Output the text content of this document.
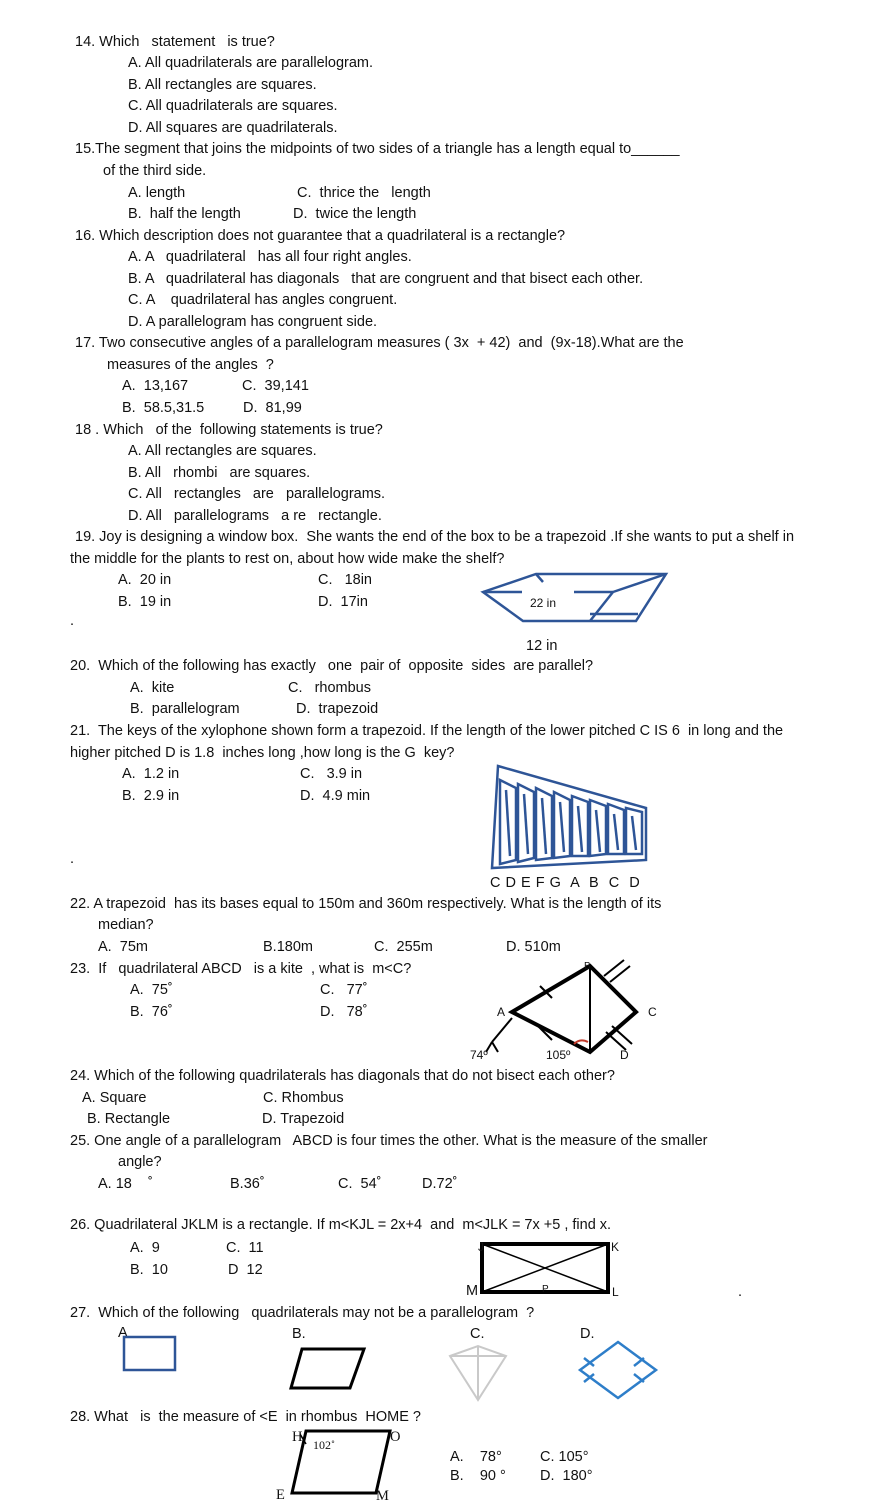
14. Which   statement   is true?
A. All quadrilaterals are parallelogram.
B. All rectangles are squares.
C. All quadrilaterals are squares.
D. All squares are quadrilaterals.
15.The segment that joins the midpoints of two sides of a triangle has a length equal to______
of the third side.
A. length
B.  half the length
C.  thrice the   length
D.  twice the length
16. Which description does not guarantee that a quadrilateral is a rectangle?
A. A   quadrilateral   has all four right angles.
B. A   quadrilateral has diagonals   that are congruent and that bisect each other.
C. A    quadrilateral has angles congruent.
D. A parallelogram has congruent side.
17. Two consecutive angles of a parallelogram measures ( 3x  + 42)  and  (9x-18).What are the
measures of the angles  ?
A.  13,167
B.  58.5,31.5
C.  39,141
D.  81,99
18 . Which   of the  following statements is true?
A. All rectangles are squares.
B. All   rhombi   are squares.
C. All   rectangles   are   parallelograms.
D. All   parallelograms   a re   rectangle.
19. Joy is designing a window box.  She wants the end of the box to be a trapezoid .If she wants to put a shelf in
the middle for the plants to rest on, about how wide make the shelf?
A.  20 in
B.  19 in
C.   18in
D.  17in
.
22 in
12 in
20.  Which of the following has exactly   one  pair of  opposite  sides  are parallel?
A.  kite
B.  parallelogram
C.   rhombus
D.  trapezoid
21.  The keys of the xylophone shown form a trapezoid. If the length of the lower pitched C IS 6  in long and the
higher pitched D is 1.8  inches long ,how long is the G  key?
A.  1.2 in
B.  2.9 in
C.   3.9 in
D.  4.9 min
.
C D E F G  A  B  C  D
22. A trapezoid  has its bases equal to 150m and 360m respectively. What is the length of its
median?
A.  75m	B.180m	C.  255m	D. 510m
23.  If   quadrilateral ABCD   is a kite  , what is  m<C?
A.  75˚
B.  76˚
C.   77˚
D.   78˚	A
B
C
D
74º	105º
24. Which of the following quadrilaterals has diagonals that do not bisect each other?
A. Square
B. Rectangle
C. Rhombus
D. Trapezoid
25. One angle of a parallelogram   ABCD is four times the other. What is the measure of the smaller
angle?
A. 18    ˚	B.36˚	C.  54˚	D.72˚
26. Quadrilateral JKLM is a rectangle. If m<KJL = 2x+4  and  m<JLK = 7x +5 , find x.
A.  9
B.  10
C.  11
D  12
J	K
L
M	P	.
27.  Which of the following   quadrilaterals may not be a parallelogram  ?
A	B.	C.	D.
28. What   is  the measure of <E  in rhombus  HOME ?
H	O
E	M
102˚
A.    78°
B.    90 °
C. 105°
D.  180°
